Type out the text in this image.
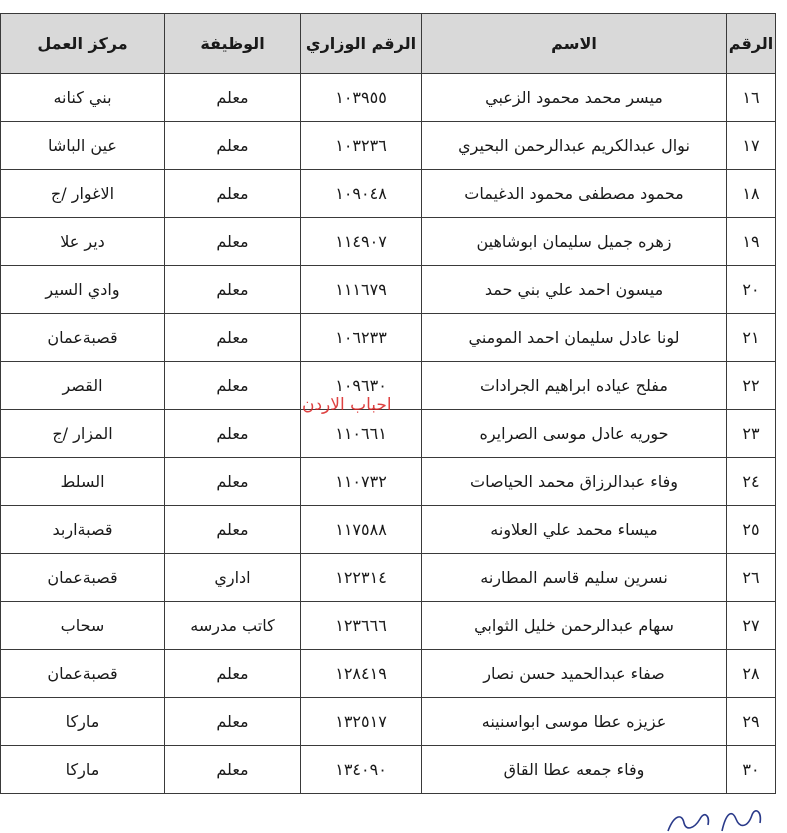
الرقم	الاسم	الرقم الوزاري	الوظيفة	مركز العمل
١٦	ميسر محمد محمود الزعبي	١٠٣٩٥٥	معلم	بني كنانه
١٧	نوال عبدالكريم عبدالرحمن البحيري	١٠٣٢٣٦	معلم	عين الباشا
١٨	محمود مصطفى محمود الدغيمات	١٠٩٠٤٨	معلم	الاغوار /ج
١٩	زهره جميل سليمان ابوشاهين	١١٤٩٠٧	معلم	دير علا
٢٠	ميسون احمد علي بني حمد	١١١٦٧٩	معلم	وادي السير
٢١	لونا عادل سليمان احمد المومني	١٠٦٢٣٣	معلم	قصبةعمان
٢٢	مفلح عياده ابراهيم الجرادات	١٠٩٦٣٠	معلم	القصر
٢٣	حوريه عادل موسى الصرايره	١١٠٦٦١	معلم	المزار /ج
٢٤	وفاء عبدالرزاق محمد الحياصات	١١٠٧٣٢	معلم	السلط
٢٥	ميساء محمد علي العلاونه	١١٧٥٨٨	معلم	قصبةاربد
٢٦	نسرين سليم قاسم المطارنه	١٢٢٣١٤	اداري	قصبةعمان
٢٧	سهام عبدالرحمن خليل الثوابي	١٢٣٦٦٦	كاتب مدرسه	سحاب
٢٨	صفاء عبدالحميد حسن نصار	١٢٨٤١٩	معلم	قصبةعمان
٢٩	عزيزه عطا موسى ابواسنينه	١٣٢٥١٧	معلم	ماركا
٣٠	وفاء جمعه عطا القاق	١٣٤٠٩٠	معلم	ماركا
احباب الاردن
